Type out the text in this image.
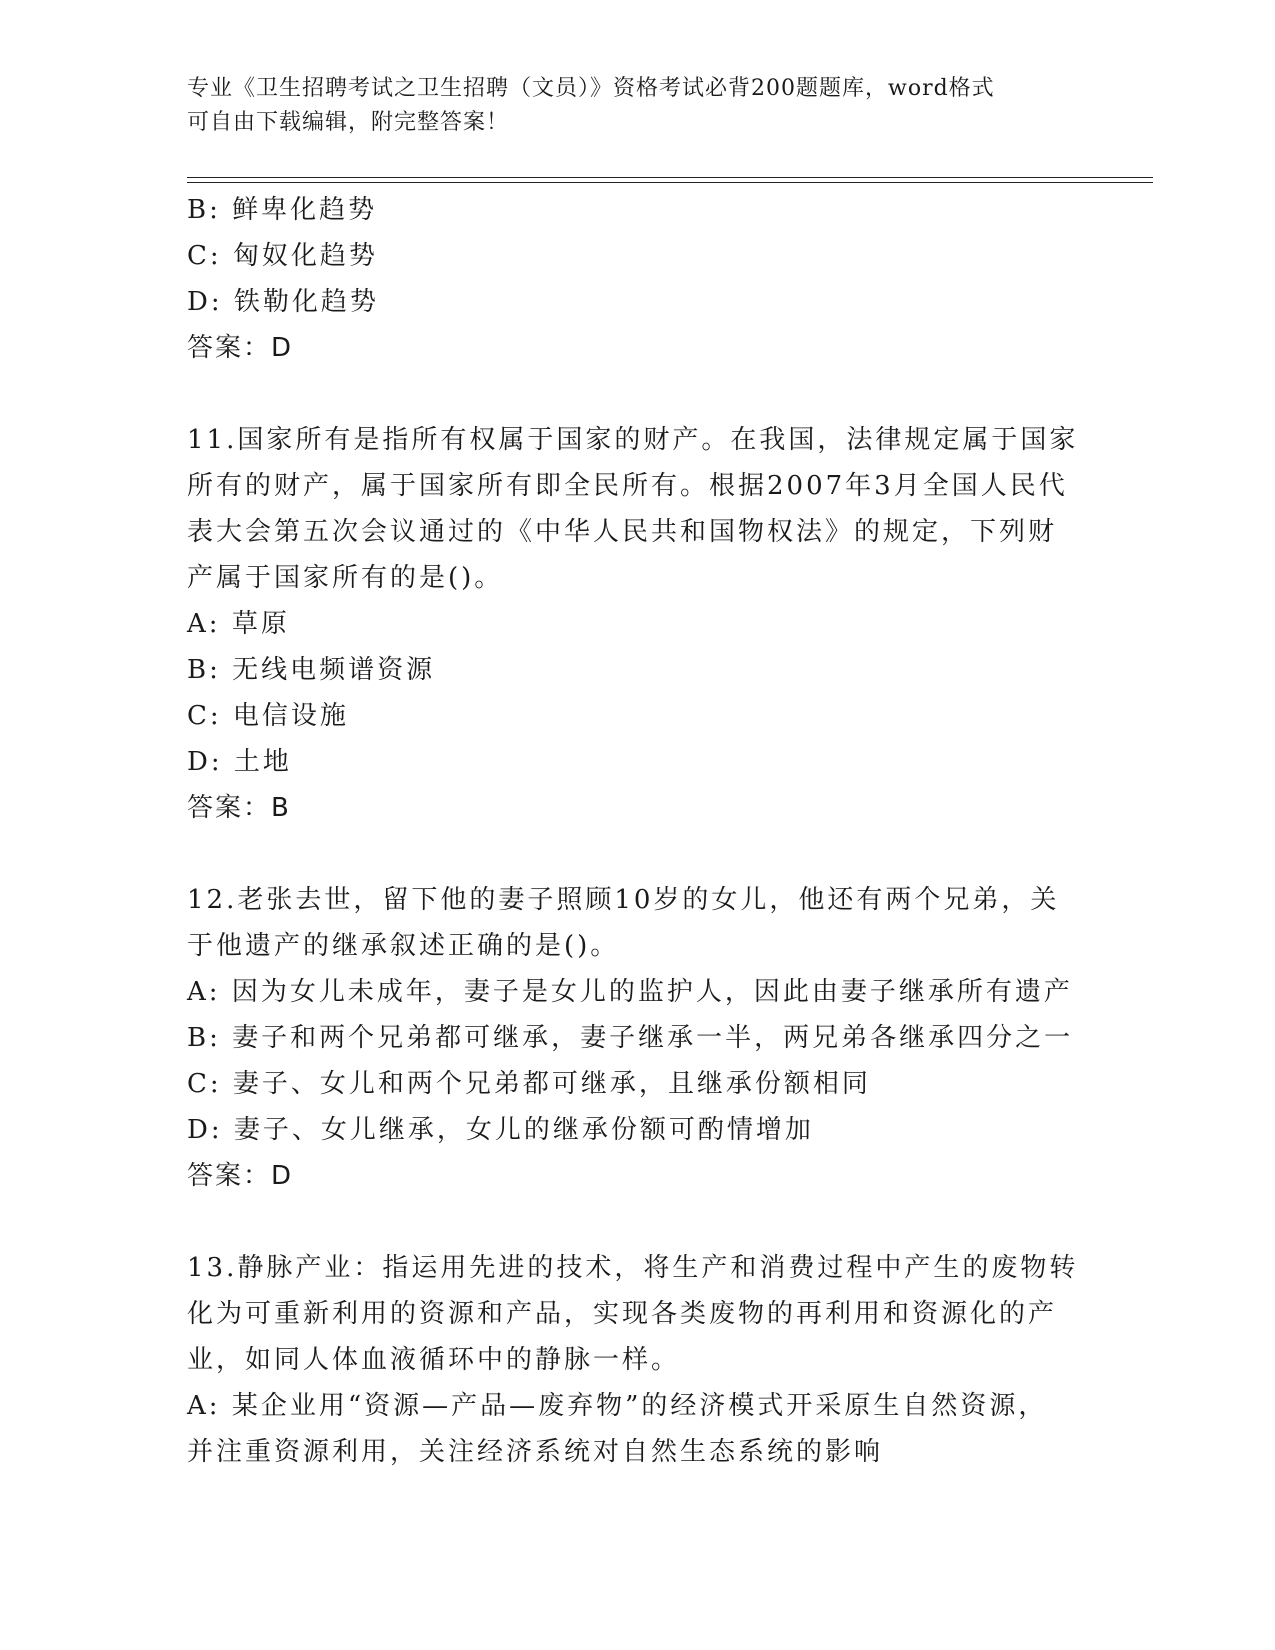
专业《卫生招聘考试之卫生招聘（文员）》资格考试必背200题题库，word格式
可自由下载编辑，附完整答案！
B: 鲜卑化趋势
C: 匈奴化趋势
D: 铁勒化趋势
答案：D
11.国家所有是指所有权属于国家的财产。在我国，法律规定属于国家
所有的财产，属于国家所有即全民所有。根据2007年3月全国人民代
表大会第五次会议通过的《中华人民共和国物权法》的规定，下列财
产属于国家所有的是()。
A: 草原
B: 无线电频谱资源
C: 电信设施
D: 土地
答案：B
12.老张去世，留下他的妻子照顾10岁的女儿，他还有两个兄弟，关
于他遗产的继承叙述正确的是()。
A: 因为女儿未成年，妻子是女儿的监护人，因此由妻子继承所有遗产
B: 妻子和两个兄弟都可继承，妻子继承一半，两兄弟各继承四分之一
C: 妻子、女儿和两个兄弟都可继承，且继承份额相同
D: 妻子、女儿继承，女儿的继承份额可酌情增加
答案：D
13.静脉产业：指运用先进的技术，将生产和消费过程中产生的废物转
化为可重新利用的资源和产品，实现各类废物的再利用和资源化的产
业，如同人体血液循环中的静脉一样。
A: 某企业用“资源—产品—废弃物”的经济模式开采原生自然资源，
并注重资源利用，关注经济系统对自然生态系统的影响
